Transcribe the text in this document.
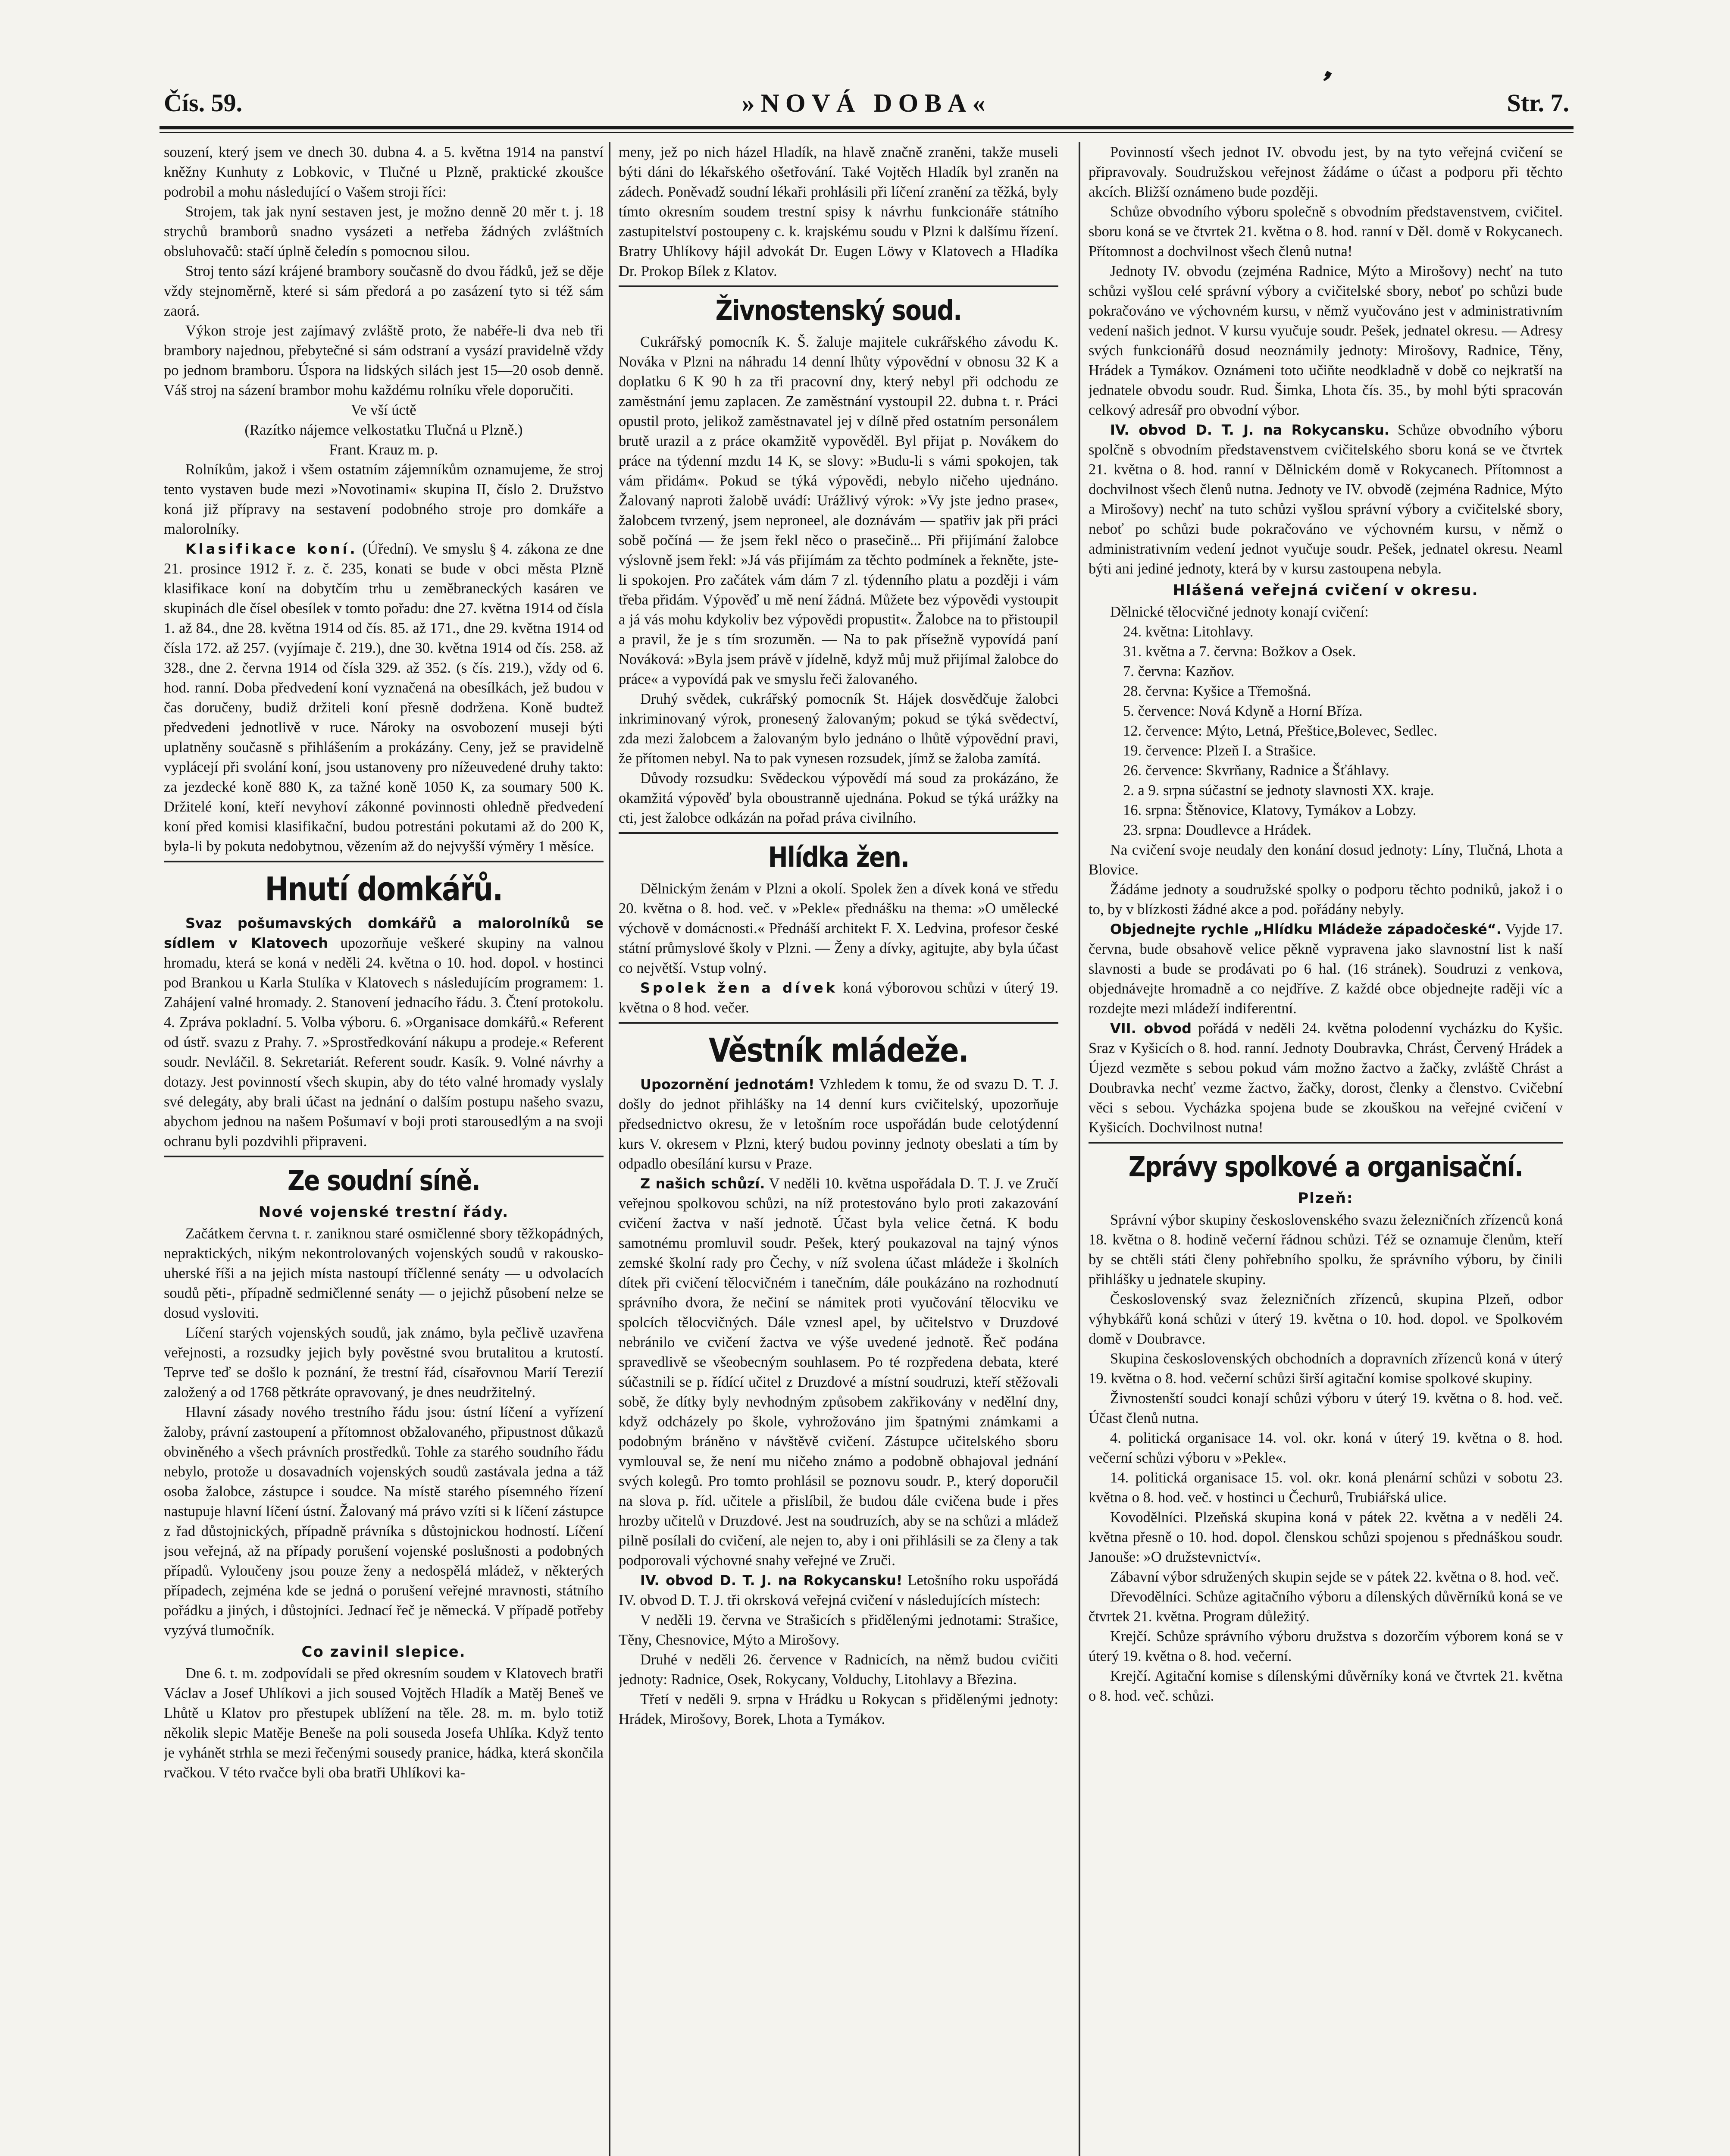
❜
Čís. 59.	»NOVÁ DOBA«	Str. 7.

souzení, který jsem ve dnech 30. dubna 4. a 5. května 1914 na panství kněžny Kunhuty z Lobkovic, v Tlučné u Plzně, praktické zkoušce podrobil a mohu následující o Vašem stroji říci:

Strojem, tak jak nyní sestaven jest, je možno denně 20 měr t. j. 18 strychů bramborů snadno vysázeti a netřeba žádných zvláštních obsluhovačů: stačí úplně čeledín s pomocnou silou.

Stroj tento sází krájené brambory současně do dvou řádků, jež se děje vždy stejnoměrně, které si sám předorá a po zasázení tyto si též sám zaorá.

Výkon stroje jest zajímavý zvláště proto, že nabéře-li dva neb tři brambory najednou, přebytečné si sám odstraní a vysází pravidelně vždy po jednom bramboru. Úspora na lidských silách jest 15—20 osob denně. Váš stroj na sázení brambor mohu každému rolníku vřele doporučiti.

Ve vší úctě

(Razítko nájemce velkostatku Tlučná u Plzně.)

Frant. Krauz m. p.

Rolníkům, jakož i všem ostatním zájemníkům oznamujeme, že stroj tento vystaven bude mezi »Novotinami« skupina II, číslo 2. Družstvo koná již přípravy na sestavení podobného stroje pro domkáře a malorolníky.

Klasifikace koní. (Úřední). Ve smyslu § 4. zákona ze dne 21. prosince 1912 ř. z. č. 235, konati se bude v obci města Plzně klasifikace koní na dobytčím trhu u zeměbraneckých kasáren ve skupinách dle čísel obesílek v tomto pořadu: dne 27. května 1914 od čísla 1. až 84., dne 28. května 1914 od čís. 85. až 171., dne 29. května 1914 od čísla 172. až 257. (vyjímaje č. 219.), dne 30. května 1914 od čís. 258. až 328., dne 2. června 1914 od čísla 329. až 352. (s čís. 219.), vždy od 6. hod. ranní. Doba předvedení koní vyznačená na obesílkách, jež budou v čas doručeny, budiž držiteli koní přesně dodržena. Koně budtež předvedeni jednotlivě v ruce. Nároky na osvobození museji býti uplatněny současně s přihlášením a prokázány. Ceny, jež se pravidelně vyplácejí při svolání koní, jsou ustanoveny pro nížeuvedené druhy takto: za jezdecké koně 880 K, za tažné koně 1050 K, za soumary 500 K. Držitelé koní, kteří nevyhoví zákonné povinnosti ohledně předvedení koní před komisi klasifikační, budou potrestáni pokutami až do 200 K, byla-li by pokuta nedobytnou, vězením až do nejvyšší výměry 1 měsíce.

Hnutí domkářů.

Svaz pošumavských domkářů a malorolníků se sídlem v Klatovech upozorňuje veškeré skupiny na valnou hromadu, která se koná v neděli 24. května o 10. hod. dopol. v hostinci pod Brankou u Karla Stulíka v Klatovech s následujícím programem: 1. Zahájení valné hromady. 2. Stanovení jednacího řádu. 3. Čtení protokolu. 4. Zpráva pokladní. 5. Volba výboru. 6. »Organisace domkářů.« Referent od ústř. svazu z Prahy. 7. »Sprostředkování nákupu a prodeje.« Referent soudr. Nevláčil. 8. Sekretariát. Referent soudr. Kasík. 9. Volné návrhy a dotazy. Jest povinností všech skupin, aby do této valné hromady vyslaly své delegáty, aby brali účast na jednání o dalším postupu našeho svazu, abychom jednou na našem Pošumaví v boji proti starousedlým a na svoji ochranu byli pozdvihli připraveni.

Ze soudní síně.
Nové vojenské trestní řády.

Začátkem června t. r. zaniknou staré osmičlenné sbory těžkopádných, nepraktických, nikým nekontrolovaných vojenských soudů v rakousko-uherské říši a na jejich místa nastoupí tříčlenné senáty — u odvolacích soudů pěti-, případně sedmičlenné senáty — o jejichž působení nelze se dosud vysloviti.

Líčení starých vojenských soudů, jak známo, byla pečlivě uzavřena veřejnosti, a rozsudky jejich byly pověstné svou brutalitou a krutostí. Teprve teď se došlo k poznání, že trestní řád, císařovnou Marií Terezií založený a od 1768 pětkráte opravovaný, je dnes neudržitelný.

Hlavní zásady nového trestního řádu jsou: ústní líčení a vyřízení žaloby, právní zastoupení a přítomnost obžalovaného, připustnost důkazů obviněného a všech právních prostředků. Tohle za starého soudního řádu nebylo, protože u dosavadních vojenských soudů zastávala jedna a táž osoba žalobce, zástupce i soudce. Na místě starého písemného řízení nastupuje hlavní líčení ústní. Žalovaný má právo vzíti si k líčení zástupce z řad důstojnických, případně právníka s důstojnickou hodností. Líčení jsou veřejná, až na případy porušení vojenské poslušnosti a podobných případů. Vyloučeny jsou pouze ženy a nedospělá mládež, v některých případech, zejména kde se jedná o porušení veřejné mravnosti, státního pořádku a jiných, i důstojníci. Jednací řeč je německá. V případě potřeby vyzývá tlumočník.

Co zavinil slepice.

Dne 6. t. m. zodpovídali se před okresním soudem v Klatovech bratři Václav a Josef Uhlíkovi a jich soused Vojtěch Hladík a Matěj Beneš ve Lhůtě u Klatov pro přestupek ublížení na těle. 28. m. m. bylo totiž několik slepic Matěje Beneše na poli souseda Josefa Uhlíka. Když tento je vyhánět strhla se mezi řečenými sousedy pranice, hádka, která skončila rvačkou. V této rvačce byli oba bratři Uhlíkovi ka-

meny, jež po nich házel Hladík, na hlavě značně zraněni, takže museli býti dáni do lékařského ošetřování. Také Vojtěch Hladík byl zraněn na zádech. Poněvadž soudní lékaři prohlásili při líčení zranění za těžká, byly tímto okresním soudem trestní spisy k návrhu funkcionáře státního zastupitelství postoupeny c. k. krajskému soudu v Plzni k dalšímu řízení. Bratry Uhlíkovy hájil advokát Dr. Eugen Löwy v Klatovech a Hladíka Dr. Prokop Bílek z Klatov.

Živnostenský soud.

Cukrářský pomocník K. Š. žaluje majitele cukrářského závodu K. Nováka v Plzni na náhradu 14 denní lhůty výpovědní v obnosu 32 K a doplatku 6 K 90 h za tři pracovní dny, který nebyl při odchodu ze zaměstnání jemu zaplacen. Ze zaměstnání vystoupil 22. dubna t. r. Práci opustil proto, jelikož zaměstnavatel jej v dílně před ostatním personálem brutě urazil a z práce okamžitě vypověděl. Byl přijat p. Novákem do práce na týdenní mzdu 14 K, se slovy: »Budu-li s vámi spokojen, tak vám přidám«. Pokud se týká výpovědi, nebylo ničeho ujednáno. Žalovaný naproti žalobě uvádí: Urážlivý výrok: »Vy jste jedno prase«, žalobcem tvrzený, jsem neproneel, ale doznávám — spatřiv jak při práci sobě počíná — že jsem řekl něco o prasečině... Při přijímání žalobce výslovně jsem řekl: »Já vás přijímám za těchto podmínek a řekněte, jste-li spokojen. Pro začátek vám dám 7 zl. týdenního platu a později i vám třeba přidám. Výpověď u mě není žádná. Můžete bez výpovědi vystoupit a já vás mohu kdykoliv bez výpovědi propustit«. Žalobce na to přistoupil a pravil, že je s tím srozuměn. — Na to pak přísežně vypovídá paní Nováková: »Byla jsem právě v jídelně, když můj muž přijímal žalobce do práce« a vypovídá pak ve smyslu řeči žalovaného.

Druhý svědek, cukrářský pomocník St. Hájek dosvědčuje žalobci inkriminovaný výrok, pronesený žalovaným; pokud se týká svědectví, zda mezi žalobcem a žalovaným bylo jednáno o lhůtě výpovědní pravi, že přítomen nebyl. Na to pak vynesen rozsudek, jímž se žaloba zamítá.

Důvody rozsudku: Svědeckou výpovědí má soud za prokázáno, že okamžitá výpověď byla oboustranně ujednána. Pokud se týká urážky na cti, jest žalobce odkázán na pořad práva civilního.

Hlídka žen.

Dělnickým ženám v Plzni a okolí. Spolek žen a dívek koná ve středu 20. května o 8. hod. več. v »Pekle« přednášku na thema: »O umělecké výchově v domácnosti.« Přednáší architekt F. X. Ledvina, profesor české státní průmyslové školy v Plzni. — Ženy a dívky, agitujte, aby byla účast co největší. Vstup volný.

Spolek žen a dívek koná výborovou schůzi v úterý 19. května o 8 hod. večer.

Věstník mládeže.

Upozornění jednotám! Vzhledem k tomu, že od svazu D. T. J. došly do jednot přihlášky na 14 denní kurs cvičitelský, upozorňuje předsednictvo okresu, že v letošním roce uspořádán bude celotýdenní kurs V. okresem v Plzni, který budou povinny jednoty obeslati a tím by odpadlo obesílání kursu v Praze.

Z našich schůzí. V neděli 10. května uspořádala D. T. J. ve Zručí veřejnou spolkovou schůzi, na níž protestováno bylo proti zakazování cvičení žactva v naší jednotě. Účast byla velice četná. K bodu samotnému promluvil soudr. Pešek, který poukazoval na tajný výnos zemské školní rady pro Čechy, v níž svolena účast mládeže i školních dítek při cvičení tělocvičném i tanečním, dále poukázáno na rozhodnutí správního dvora, že nečiní se námitek proti vyučování tělocviku ve spolcích tělocvičných. Dále vznesl apel, by učitelstvo v Druzdové nebránilo ve cvičení žactva ve výše uvedené jednotě. Řeč podána spravedlivě se všeobecným souhlasem. Po té rozpředena debata, které súčastnili se p. řídící učitel z Druzdové a místní soudruzi, kteří stěžovali sobě, že dítky byly nevhodným způsobem zakřikovány v nedělní dny, když odcházely po škole, vyhrožováno jim špatnými známkami a podobným bráněno v návštěvě cvičení. Zástupce učitelského sboru vymlouval se, že není mu ničeho známo a podobně obhajoval jednání svých kolegů. Pro tomto prohlásil se poznovu soudr. P., který doporučil na slova p. říd. učitele a přislíbil, že budou dále cvičena bude i přes hrozby učitelů v Druzdové. Jest na soudruzích, aby se na schůzi a mládež pilně posílali do cvičení, ale nejen to, aby i oni přihlásili se za členy a tak podporovali výchovné snahy veřejné ve Zruči.

IV. obvod D. T. J. na Rokycansku! Letošního roku uspořádá IV. obvod D. T. J. tři okrsková veřejná cvičení v následujících místech:

V neděli 19. června ve Strašicích s přidělenými jednotami: Strašice, Těny, Chesnovice, Mýto a Mirošovy.

Druhé v neděli 26. července v Radnicích, na němž budou cvičiti jednoty: Radnice, Osek, Rokycany, Volduchy, Litohlavy a Březina.

Třetí v neděli 9. srpna v Hrádku u Rokycan s přidělenými jednoty: Hrádek, Mirošovy, Borek, Lhota a Tymákov.

Povinností všech jednot IV. obvodu jest, by na tyto veřejná cvičení se připravovaly. Soudružskou veřejnost žádáme o účast a podporu při těchto akcích. Bližší oznámeno bude později.

Schůze obvodního výboru společně s obvodním představenstvem, cvičitel. sboru koná se ve čtvrtek 21. května o 8. hod. ranní v Děl. domě v Rokycanech. Přítomnost a dochvilnost všech členů nutna!

Jednoty IV. obvodu (zejména Radnice, Mýto a Mirošovy) nechť na tuto schůzi vyšlou celé správní výbory a cvičitelské sbory, neboť po schůzi bude pokračováno ve výchovném kursu, v němž vyučováno jest v administrativním vedení našich jednot. V kursu vyučuje soudr. Pešek, jednatel okresu. — Adresy svých funkcionářů dosud neoznámily jednoty: Mirošovy, Radnice, Těny, Hrádek a Tymákov. Oznámeni toto učiňte neodkladně v době co nejkratší na jednatele obvodu soudr. Rud. Šimka, Lhota čís. 35., by mohl býti spracován celkový adresář pro obvodní výbor.

IV. obvod D. T. J. na Rokycansku. Schůze obvodního výboru spolčně s obvodním představenstvem cvičitelského sboru koná se ve čtvrtek 21. května o 8. hod. ranní v Dělnickém domě v Rokycanech. Přítomnost a dochvilnost všech členů nutna. Jednoty ve IV. obvodě (zejména Radnice, Mýto a Mirošovy) nechť na tuto schůzi vyšlou správní výbory a cvičitelské sbory, neboť po schůzi bude pokračováno ve výchovném kursu, v němž o administrativním vedení jednot vyučuje soudr. Pešek, jednatel okresu. Neaml býti ani jediné jednoty, která by v kursu zastoupena nebyla.

Hlášená veřejná cvičení v okresu.

Dělnické tělocvičné jednoty konají cvičení:

24. května: Litohlavy.
31. května a 7. června: Božkov a Osek.
7. června: Kazňov.
28. června: Kyšice a Třemošná.
5. července: Nová Kdyně a Horní Bříza.
12. července: Mýto, Letná, Přeštice,Bolevec, Sedlec.
19. července: Plzeň I. a Strašice.
26. července: Skvrňany, Radnice a Šťáhlavy.
2. a 9. srpna súčastní se jednoty slavnosti XX. kraje.
16. srpna: Štěnovice, Klatovy, Tymákov a Lobzy.
23. srpna: Doudlevce a Hrádek.

Na cvičení svoje neudaly den konání dosud jednoty: Líny, Tlučná, Lhota a Blovice.

Žádáme jednoty a soudružské spolky o podporu těchto podniků, jakož i o to, by v blízkosti žádné akce a pod. pořádány nebyly.

Objednejte rychle „Hlídku Mládeže západočeské“. Vyjde 17. června, bude obsahově velice pěkně vypravena jako slavnostní list k naší slavnosti a bude se prodávati po 6 hal. (16 stránek). Soudruzi z venkova, objednávejte hromadně a co nejdříve. Z každé obce objednejte raději víc a rozdejte mezi mládeží indiferentní.

VII. obvod pořádá v neděli 24. května polodenní vycházku do Kyšic. Sraz v Kyšicích o 8. hod. ranní. Jednoty Doubravka, Chrást, Červený Hrádek a Újezd vezměte s sebou pokud vám možno žactvo a žačky, zvláště Chrást a Doubravka nechť vezme žactvo, žačky, dorost, členky a členstvo. Cvičební věci s sebou. Vycházka spojena bude se zkouškou na veřejné cvičení v Kyšicích. Dochvilnost nutna!

Zprávy spolkové a organisační.
Plzeň:

Správní výbor skupiny československého svazu železničních zřízenců koná 18. května o 8. hodině večerní řádnou schůzi. Též se oznamuje členům, kteří by se chtěli státi členy pohřebního spolku, že správního výboru, by činili přihlášky u jednatele skupiny.

Československý svaz železničních zřízenců, skupina Plzeň, odbor výhybkářů koná schůzi v úterý 19. května o 10. hod. dopol. ve Spolkovém domě v Doubravce.

Skupina československých obchodních a dopravních zřízenců koná v úterý 19. května o 8. hod. večerní schůzi širší agitační komise spolkové skupiny.

Živnostenští soudci konají schůzi výboru v úterý 19. května o 8. hod. več. Účast členů nutna.

4. politická organisace 14. vol. okr. koná v úterý 19. května o 8. hod. večerní schůzi výboru v »Pekle«.

14. politická organisace 15. vol. okr. koná plenární schůzi v sobotu 23. května o 8. hod. več. v hostinci u Čechurů, Trubiářská ulice.

Kovodělníci. Plzeňská skupina koná v pátek 22. května a v neděli 24. května přesně o 10. hod. dopol. členskou schůzi spojenou s přednáškou soudr. Janouše: »O družstevnictví«.

Zábavní výbor sdružených skupin sejde se v pátek 22. května o 8. hod. več.

Dřevodělníci. Schůze agitačního výboru a dílenských důvěrníků koná se ve čtvrtek 21. května. Program důležitý.

Krejčí. Schůze správního výboru družstva s dozorčím výborem koná se v úterý 19. května o 8. hod. večerní.

Krejčí. Agitační komise s dílenskými důvěrníky koná ve čtvrtek 21. května o 8. hod. več. schůzi.
